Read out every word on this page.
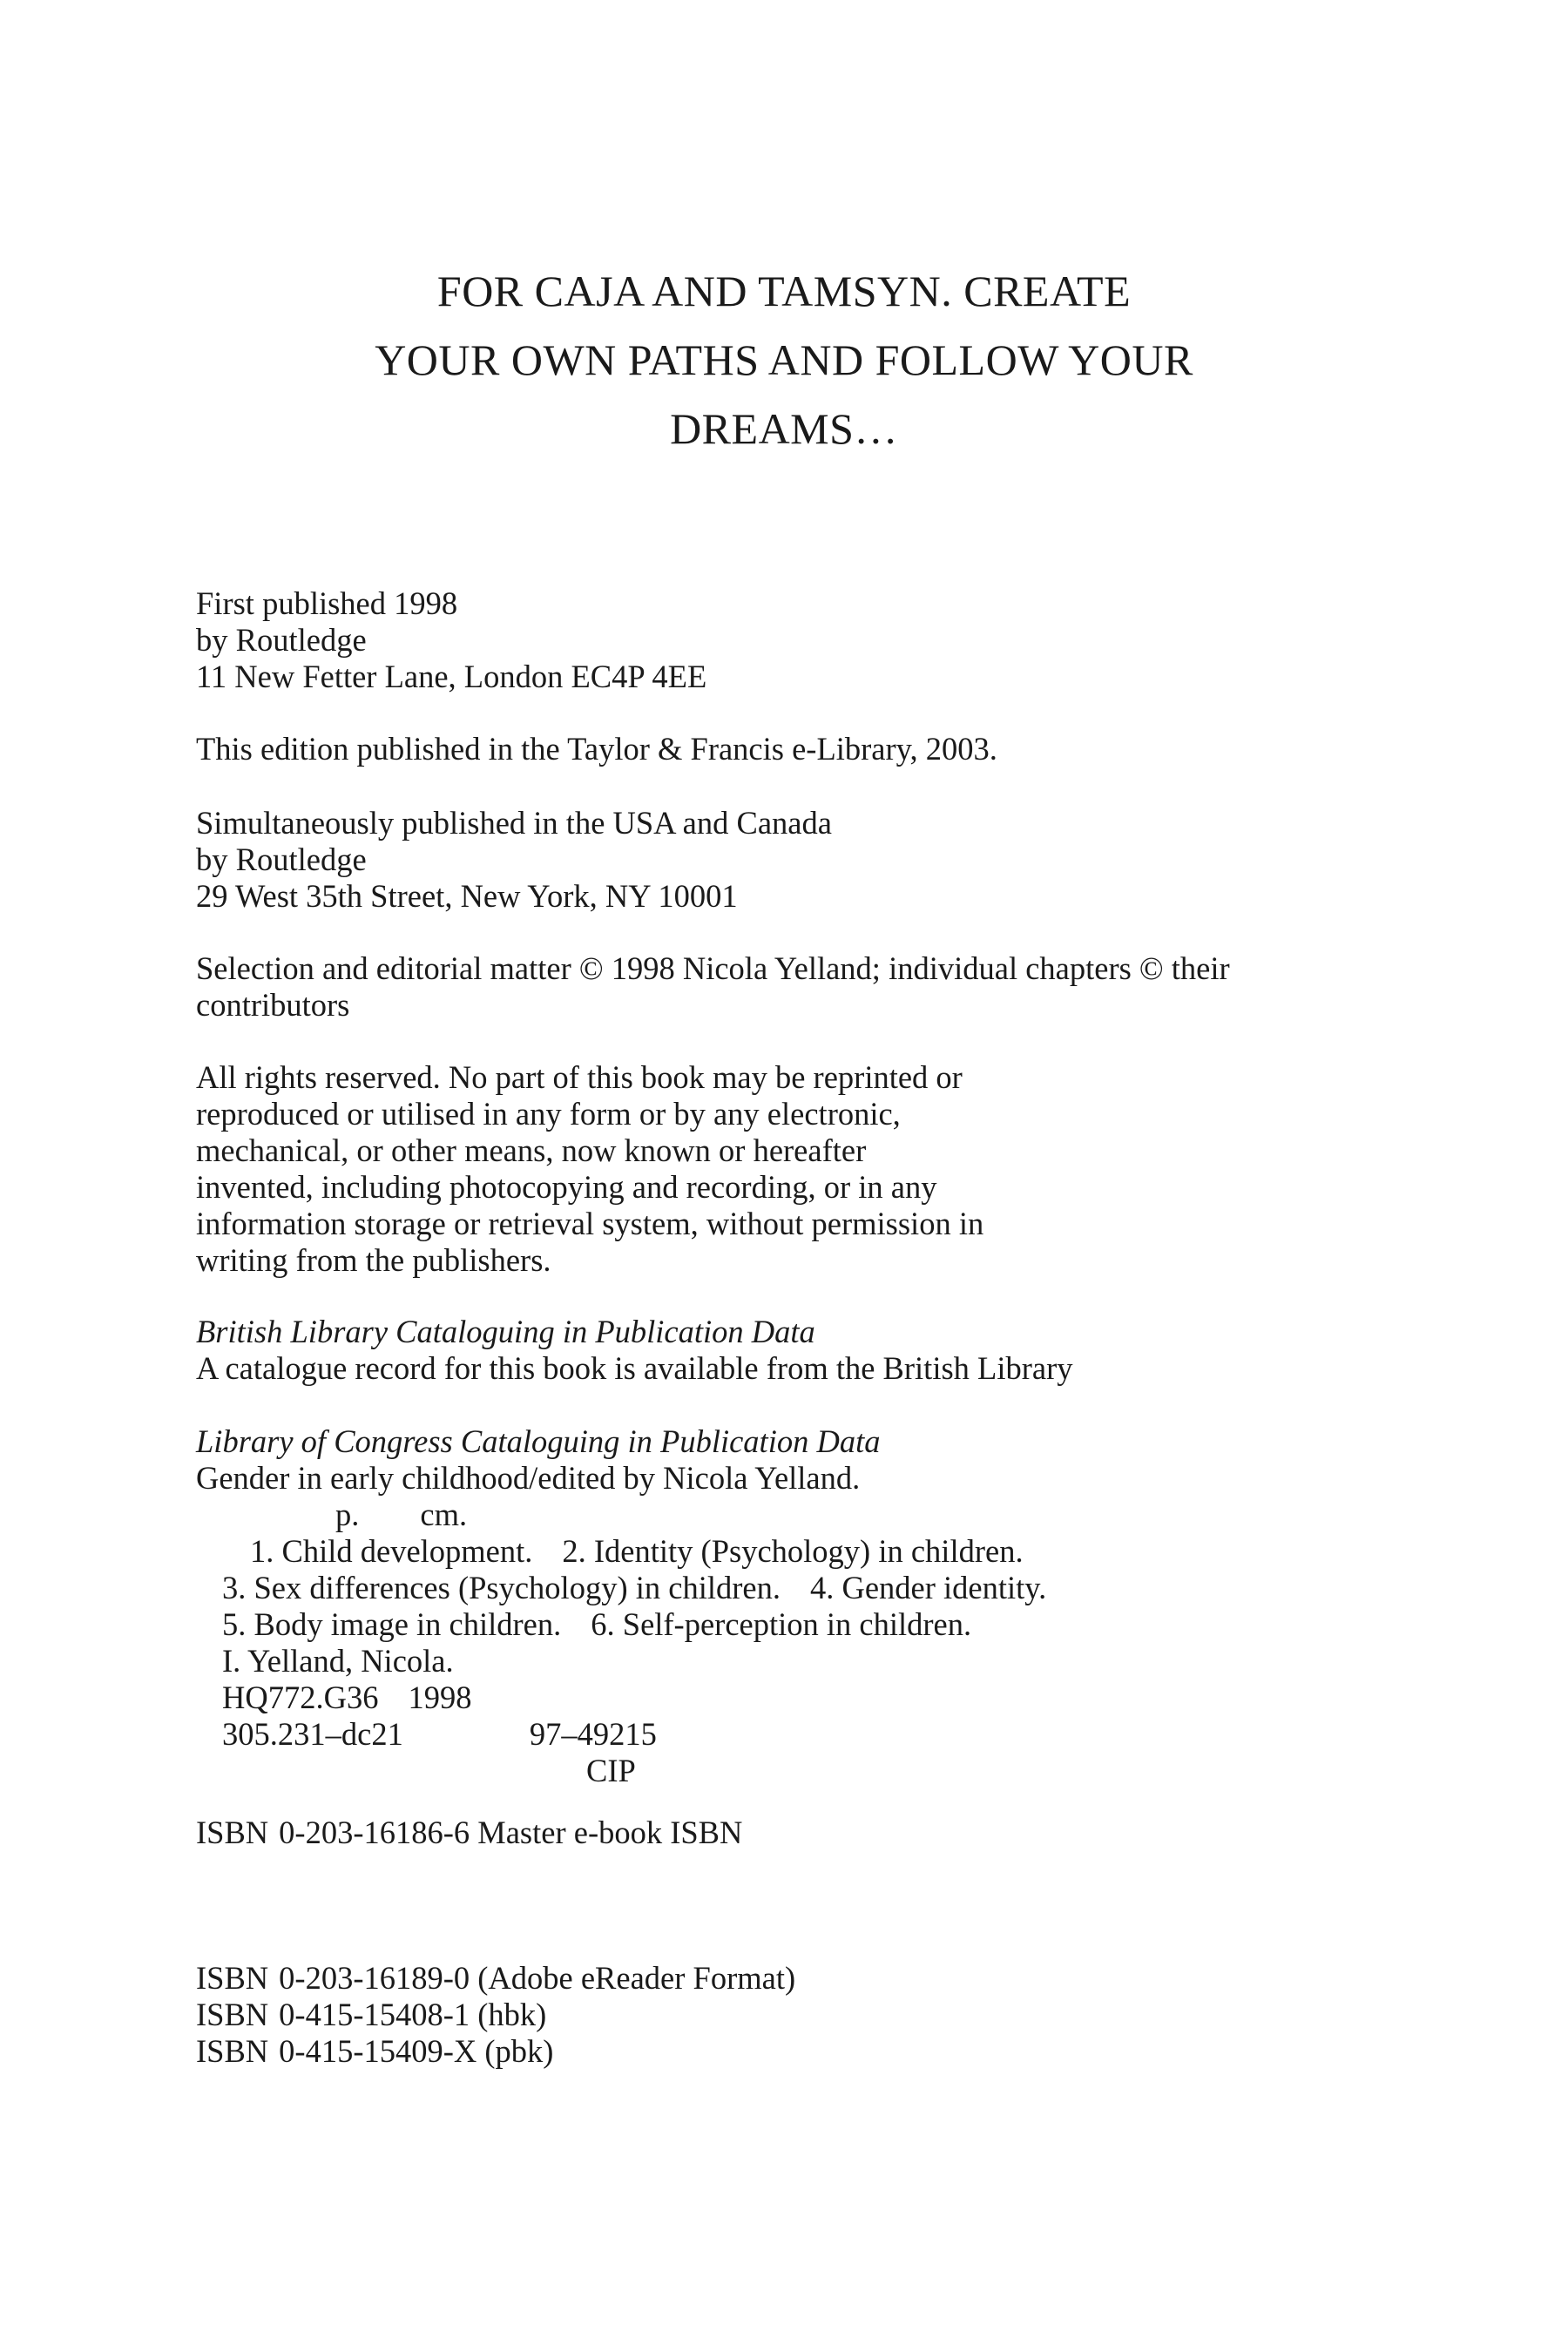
FOR CAJA AND TAMSYN. CREATE
YOUR OWN PATHS AND FOLLOW YOUR
DREAMS…
First published 1998
by Routledge
11 New Fetter Lane, London EC4P 4EE
This edition published in the Taylor & Francis e-Library, 2003.
Simultaneously published in the USA and Canada
by Routledge
29 West 35th Street, New York, NY 10001
Selection and editorial matter © 1998 Nicola Yelland; individual chapters © their
contributors
All rights reserved. No part of this book may be reprinted or
reproduced or utilised in any form or by any electronic,
mechanical, or other means, now known or hereafter
invented, including photocopying and recording, or in any
information storage or retrieval system, without permission in
writing from the publishers.
British Library Cataloguing in Publication Data
A catalogue record for this book is available from the British Library
Library of Congress Cataloguing in Publication Data
Gender in early childhood/edited by Nicola Yelland.
p. cm.
1. Child development. 2. Identity (Psychology) in children.
3. Sex differences (Psychology) in children. 4. Gender identity.
5. Body image in children. 6. Self-perception in children.
I. Yelland, Nicola.
HQ772.G36 1998
305.231–dc21	97–49215
CIP
ISBN 0-203-16186-6 Master e-book ISBN
ISBN 0-203-16189-0 (Adobe eReader Format)
ISBN 0-415-15408-1 (hbk)
ISBN 0-415-15409-X (pbk)
